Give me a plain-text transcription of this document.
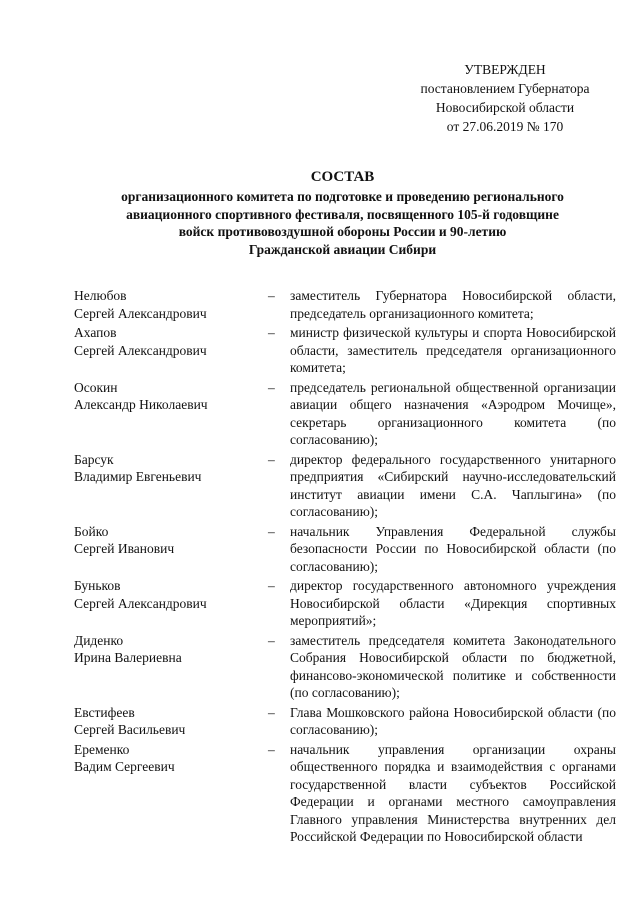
УТВЕРЖДЕН
постановлением Губернатора
Новосибирской области
от 27.06.2019 № 170
СОСТАВ
организационного комитета по подготовке и проведению регионального
авиационного спортивного фестиваля, посвященного 105-й годовщине
войск противовоздушной обороны России и 90-летию
Гражданской авиации Сибири
Нелюбов
Сергей Александрович
–	заместитель Губернатора Новосибирской области, председатель организационного комитета;
Ахапов
Сергей Александрович
–	министр физической культуры и спорта Новосибирской области, заместитель председателя организационного комитета;
Осокин
Александр Николаевич
–	председатель региональной общественной организации авиации общего назначения «Аэродром Мочище», секретарь организационного комитета (по согласованию);
Барсук
Владимир Евгеньевич
–	директор федерального государственного унитарного предприятия «Сибирский научно-исследовательский институт авиации имени С.А. Чаплыгина» (по согласованию);
Бойко
Сергей Иванович
–	начальник Управления Федеральной службы безопасности России по Новосибирской области (по согласованию);
Буньков
Сергей Александрович
–	директор государственного автономного учреждения Новосибирской области «Дирекция спортивных мероприятий»;
Диденко
Ирина Валериевна
–	заместитель председателя комитета Законодательного Собрания Новосибирской области по бюджетной, финансово-экономической политике и собственности (по согласованию);
Евстифеев
Сергей Васильевич
–	Глава Мошковского района Новосибирской области (по согласованию);
Еременко
Вадим Сергеевич
–	начальник управления организации охраны общественного порядка и взаимодействия с органами государственной власти субъектов Российской Федерации и органами местного самоуправления Главного управления Министерства внутренних дел Российской Федерации по Новосибирской области
